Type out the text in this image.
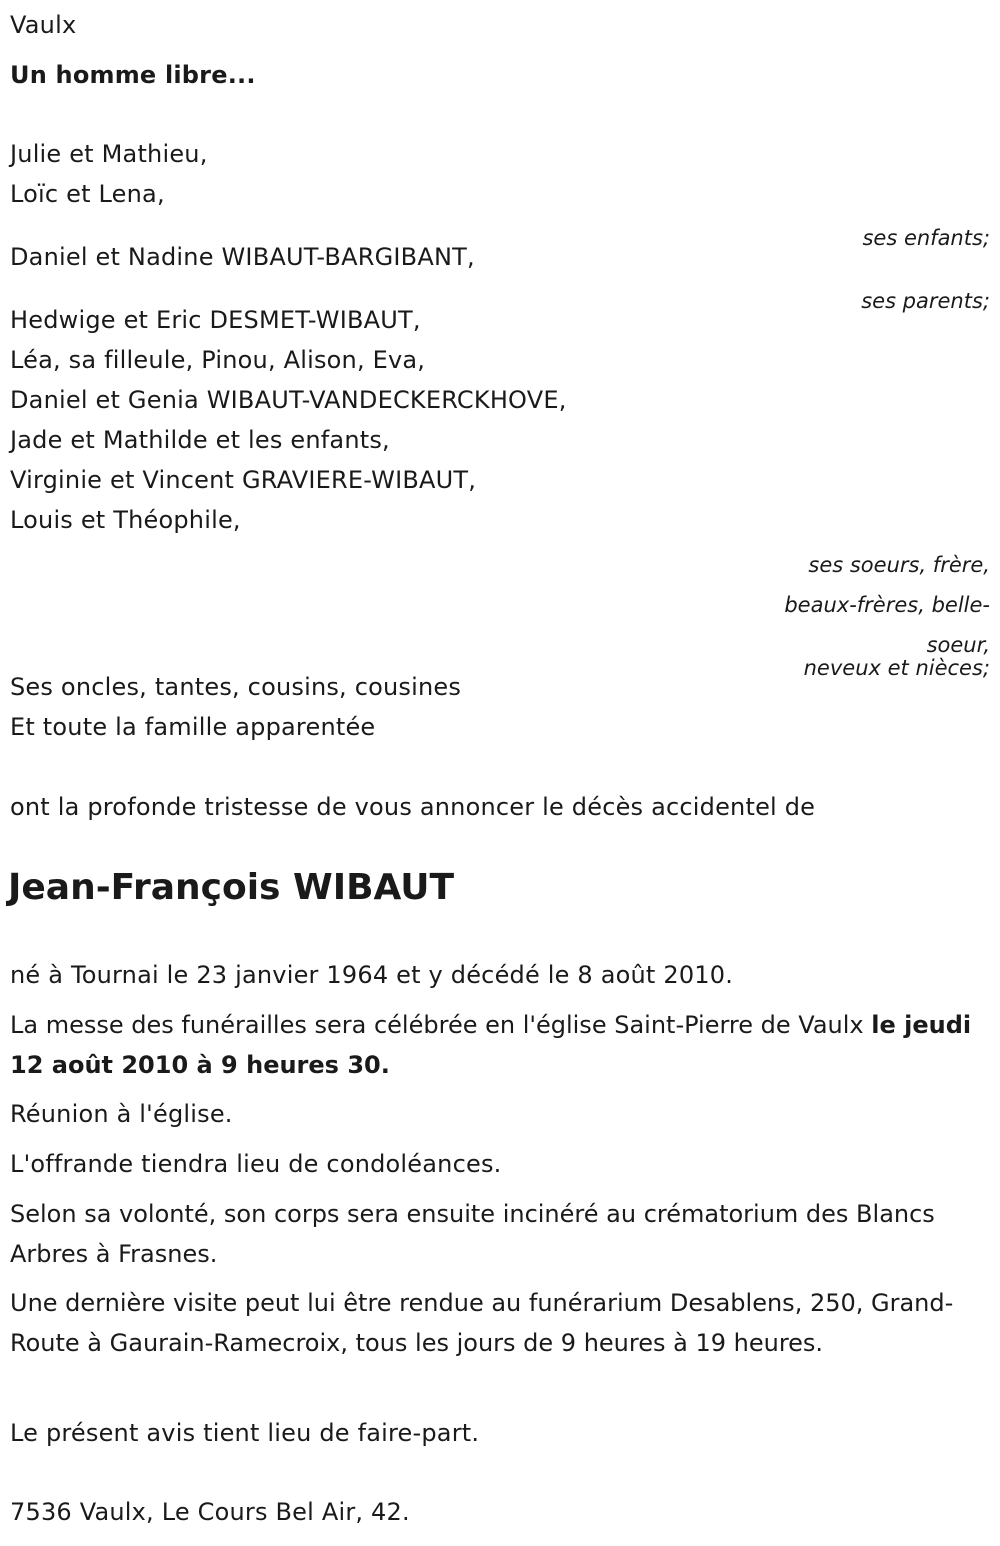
Vaulx

Un homme libre...

Julie et Mathieu,

Loïc et Lena,

ses enfants;

Daniel et Nadine WIBAUT-BARGIBANT,

ses parents;

Hedwige et Eric DESMET-WIBAUT,

Léa, sa filleule, Pinou, Alison, Eva,

Daniel et Genia WIBAUT-VANDECKERCKHOVE,

Jade et Mathilde et les enfants,

Virginie et Vincent GRAVIERE-WIBAUT,

Louis et Théophile,

ses soeurs, frère,

beaux-frères, belle-

soeur,

neveux et nièces;

Ses oncles, tantes, cousins, cousines

Et toute la famille apparentée

ont la profonde tristesse de vous annoncer le décès accidentel de

Jean-François WIBAUT

né à Tournai le 23 janvier 1964 et y décédé le 8 août 2010.

La messe des funérailles sera célébrée en l'église Saint-Pierre de Vaulx le jeudi 12 août 2010 à 9 heures 30.

Réunion à l'église.

L'offrande tiendra lieu de condoléances.

Selon sa volonté, son corps sera ensuite incinéré au crématorium des Blancs Arbres à Frasnes.

Une dernière visite peut lui être rendue au funérarium Desablens, 250, Grand-Route à Gaurain-Ramecroix, tous les jours de 9 heures à 19 heures.

Le présent avis tient lieu de faire-part.

7536 Vaulx, Le Cours Bel Air, 42.
